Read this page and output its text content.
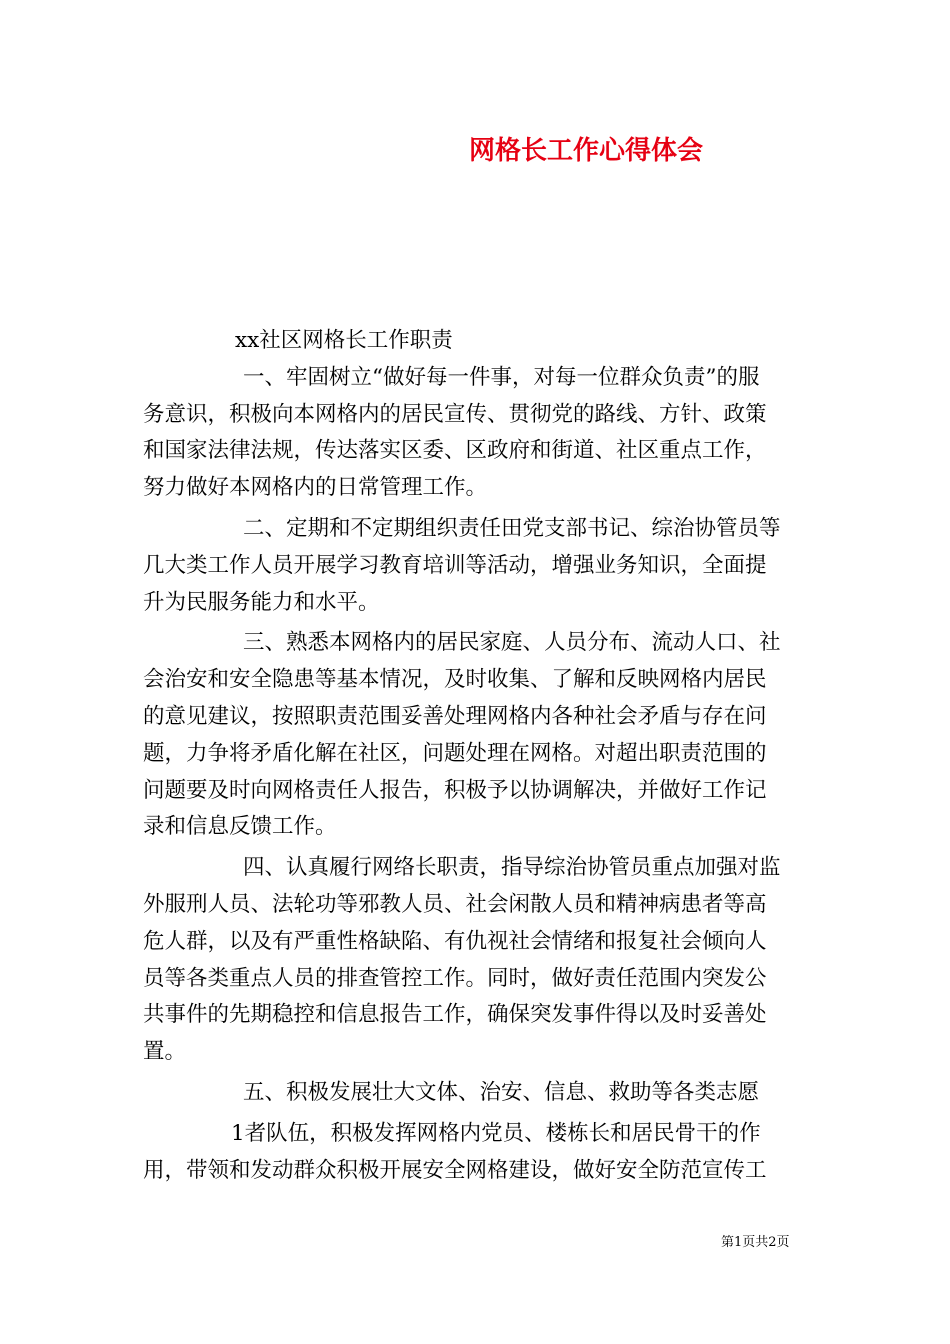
网格长工作心得体会
xx社区网格长工作职责
一、牢固树立“做好每一件事，对每一位群众负责”的服
务意识，积极向本网格内的居民宣传、贯彻党的路线、方针、政策
和国家法律法规，传达落实区委、区政府和街道、社区重点工作，
努力做好本网格内的日常管理工作。
二、定期和不定期组织责任田党支部书记、综治协管员等
几大类工作人员开展学习教育培训等活动，增强业务知识，全面提
升为民服务能力和水平。
三、熟悉本网格内的居民家庭、人员分布、流动人口、社
会治安和安全隐患等基本情况，及时收集、了解和反映网格内居民
的意见建议，按照职责范围妥善处理网格内各种社会矛盾与存在问
题，力争将矛盾化解在社区，问题处理在网格。对超出职责范围的
问题要及时向网格责任人报告，积极予以协调解决，并做好工作记
录和信息反馈工作。
四、认真履行网络长职责，指导综治协管员重点加强对监
外服刑人员、法轮功等邪教人员、社会闲散人员和精神病患者等高
危人群，以及有严重性格缺陷、有仇视社会情绪和报复社会倾向人
员等各类重点人员的排查管控工作。同时，做好责任范围内突发公
共事件的先期稳控和信息报告工作，确保突发事件得以及时妥善处
置。
五、积极发展壮大文体、治安、信息、救助等各类志愿
1者队伍，积极发挥网格内党员、楼栋长和居民骨干的作
用，带领和发动群众积极开展安全网格建设，做好安全防范宣传工
第1页共2页
